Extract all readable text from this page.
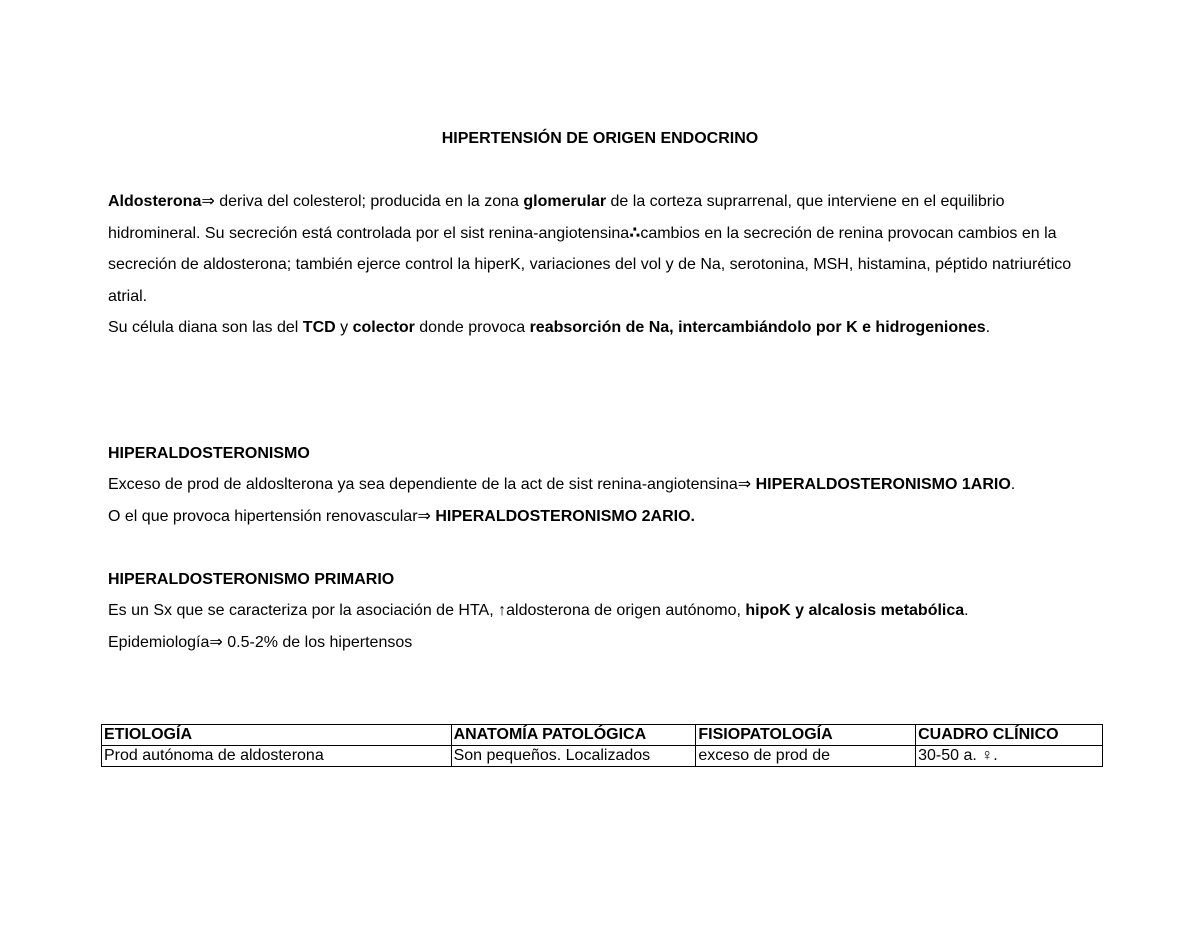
HIPERTENSIÓN DE ORIGEN ENDOCRINO

Aldosterona⇒ deriva del colesterol; producida en la zona glomerular de la corteza suprarrenal, que interviene en el equilibrio hidromineral. Su secreción está controlada por el sist renina-angiotensina∴cambios en la secreción de renina provocan cambios en la secreción de aldosterona; también ejerce control la hiperK, variaciones del vol y de Na, serotonina, MSH, histamina, péptido natriurético atrial.

Su célula diana son las del TCD y colector donde provoca reabsorción de Na, intercambiándolo por K e hidrogeniones.

HIPERALDOSTERONISMO

Exceso de prod de aldoslterona ya sea dependiente de la act de sist renina-angiotensina⇒ HIPERALDOSTERONISMO 1ARIO.

O el que provoca hipertensión renovascular⇒ HIPERALDOSTERONISMO 2ARIO.

HIPERALDOSTERONISMO PRIMARIO

Es un Sx que se caracteriza por la asociación de HTA, ↑aldosterona de origen autónomo, hipoK y alcalosis metabólica.

Epidemiología⇒ 0.5-2% de los hipertensos

ETIOLOGÍA	ANATOMÍA PATOLÓGICA	FISIOPATOLOGÍA	CUADRO CLÍNICO
Prod autónoma de aldosterona	Son pequeños. Localizados	exceso de prod de	30-50 a. ♀.
